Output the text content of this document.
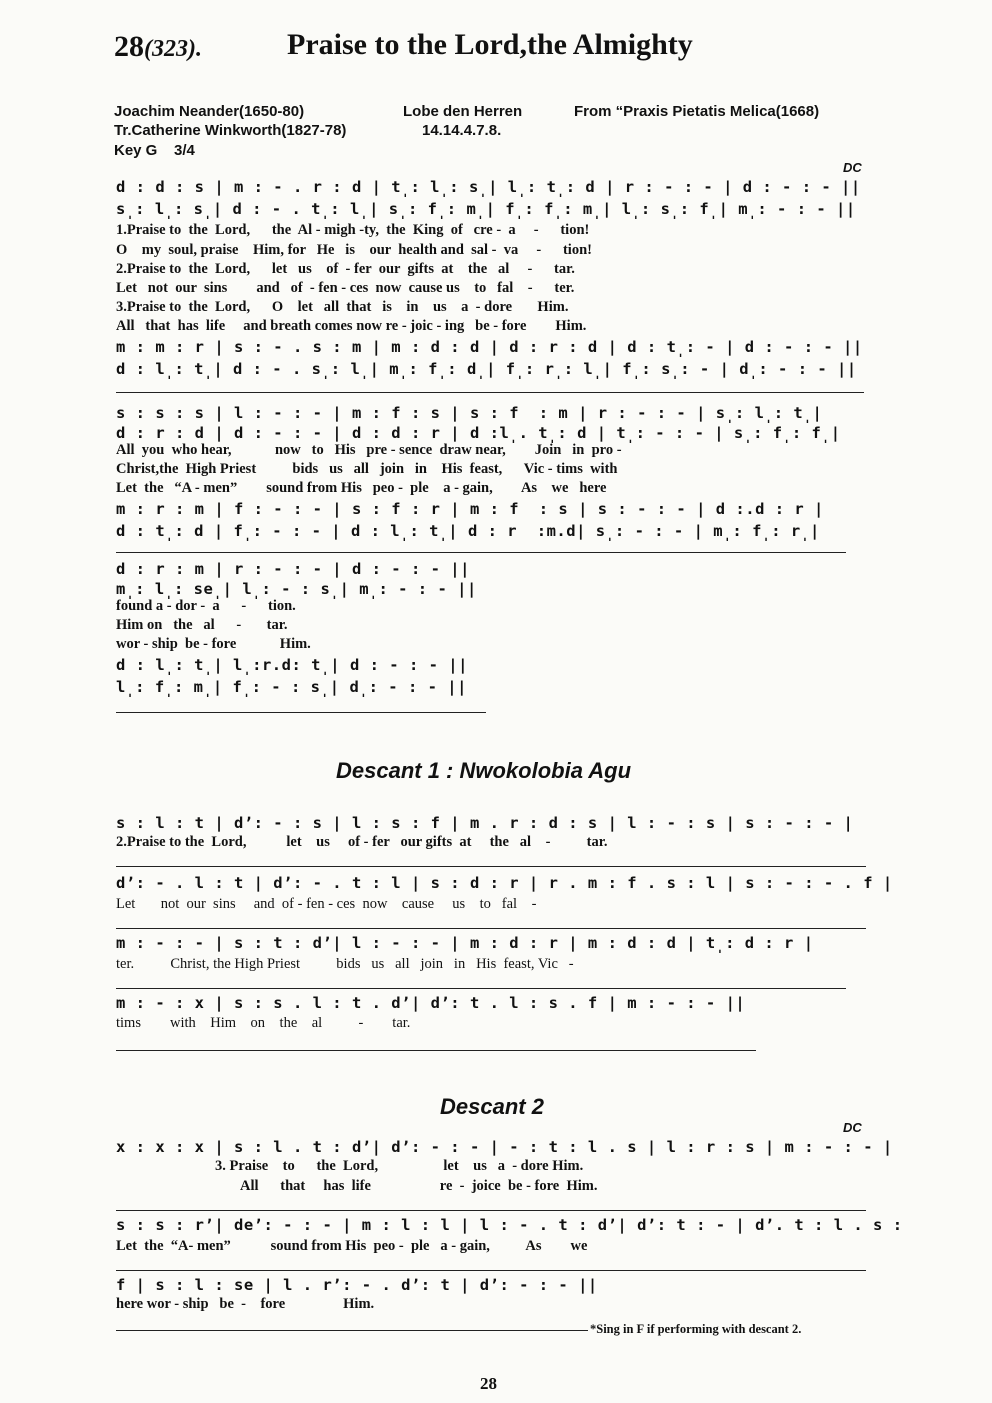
28(323).	Praise to the Lord,the Almighty
Joachim Neander(1650-80)
Tr.Catherine Winkworth(1827-78)
Key G    3/4
Lobe den Herren
14.14.4.7.8.
From “Praxis Pietatis Melica(1668)
DC
d : d : s | m : - . r : d | t̩: l̩: s̩| l̩: t̩: d | r : - : - | d : - : - ||
s̩: l̩: s̩| d : - . t̩: l̩| s̩: f̩: m̩| f̩: f̩: m̩| l̩: s̩: f̩| m̩: - : - ||
1.Praise to  the  Lord,      the  Al - migh -ty,  the  King  of   cre -  a     -      tion!
O    my  soul, praise    Him, for   He   is    our  health and  sal -  va     -      tion!
2.Praise to  the  Lord,      let   us    of  - fer  our  gifts  at    the   al     -      tar.
Let   not  our  sins        and   of  - fen - ces  now  cause us    to   fal    -      ter.
3.Praise to  the  Lord,      O    let   all  that   is    in    us    a  - dore       Him.
All   that  has  life     and breath comes now re - joic - ing   be - fore        Him.
m : m : r | s : - . s : m | m : d : d | d : r : d | d : t̩: - | d : - : - ||
d : l̩: t̩| d : - . s̩: l̩| m̩: f̩: d̩| f̩: r̩: l̩| f̩: s̩: - | d̩: - : - ||
s : s : s | l : - : - | m : f : s | s : f  : m | r : - : - | s̩: l̩: t̩|
d : r : d | d : - : - | d : d : r | d :l̩. t̩: d | t̩: - : - | s̩: f̩: f̩|
All  you  who hear,            now   to   His   pre - sence  draw near,        Join   in  pro -
Christ,the  High Priest          bids   us   all   join   in    His  feast,      Vic - tims  with
Let  the   “A - men”        sound from His   peo -  ple    a - gain,        As    we   here
m : r : m | f : - : - | s : f : r | m : f  : s | s : - : - | d :.d : r |
d : t̩: d | f̩: - : - | d : l̩: t̩| d : r  :m.d| s̩: - : - | m̩: f̩: r̩|
d : r : m | r : - : - | d : - : - ||
m̩: l̩: se̩| l̩: - : s̩| m̩: - : - ||
found a - dor -  a      -      tion.
Him on   the   al      -       tar.
wor - ship  be - fore            Him.
d : l̩: t̩| l̩:r.d: t̩| d : - : - ||
l̩: f̩: m̩| f̩: - : s̩| d̩: - : - ||
Descant 1 : Nwokolobia Agu
s : l : t | dʼ: - : s | l : s : f | m . r : d : s | l : - : s | s : - : - |
2.Praise to the  Lord,           let    us     of - fer   our gifts  at     the   al    -          tar.
dʼ: - . l : t | dʼ: - . t : l | s : d : r | r . m : f . s : l | s : - : - . f |
Let       not  our  sins     and  of - fen - ces  now    cause     us    to   fal    -
m : - : - | s : t : dʼ| l : - : - | m : d : r | m : d : d | t̩: d : r |
ter.          Christ, the High Priest          bids   us   all   join   in   His  feast, Vic   -
m : - : x | s : s . l : t . dʼ| dʼ: t . l : s . f | m : - : - ||
tims        with    Him    on    the    al          -        tar.
Descant 2
DC
x : x : x | s : l . t : dʼ| dʼ: - : - | - : t : l . s | l : r : s | m : - : - |
3. Praise    to      the  Lord,                  let    us   a  - dore Him.
All      that     has  life                   re  -  joice  be - fore  Him.
s : s : rʼ| deʼ: - : - | m : l : l | l : - . t : dʼ| dʼ: t : - | dʼ. t : l . s :
Let  the  “A- men”           sound from His  peo -  ple   a - gain,          As        we
f | s : l : se | l . rʼ: - . dʼ: t | dʼ: - : - ||
here wor - ship   be  -    fore                Him.
*Sing in F if performing with descant 2.
28
